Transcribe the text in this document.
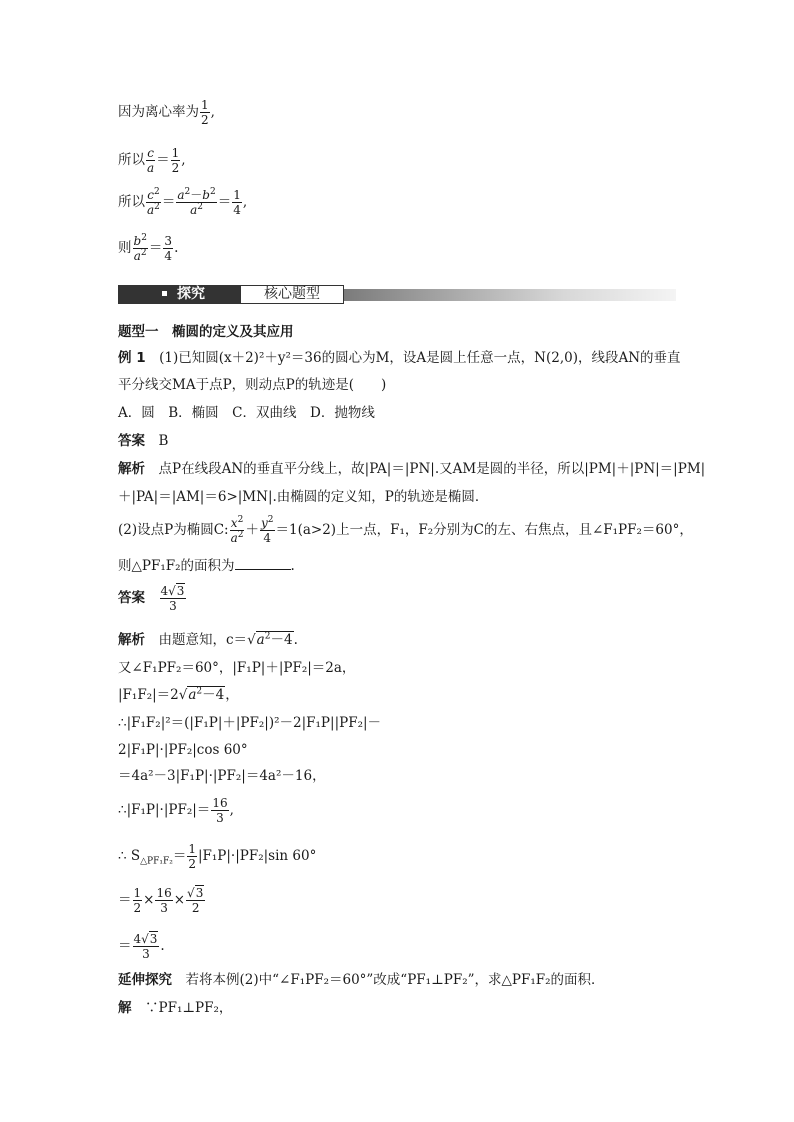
因为离心率为 $\frac{1}{2}$ ,
所以 $\frac{c}{a} = \frac{1}{2}$ ,
所以 $\frac{c^2}{a^2} = \frac{a^2-b^2}{a^2} = \frac{1}{4}$ ,
则 $\frac{b^2}{a^2} = \frac{3}{4}$ .
探究	核心题型
题型一　椭圆的定义及其应用
例 1　 (1)已知圆(x＋2)²＋y²＝36的圆心为M，设A是圆上任意一点，N(2,0)，线段AN的垂直
平分线交MA于点P，则动点P的轨迹是(　　)
A．圆　B．椭圆　C．双曲线　D．抛物线
答案　 B
解析　 点P在线段AN的垂直平分线上，故|PA|＝|PN|.又AM是圆的半径，所以|PM|＋|PN|＝|PM|
＋|PA|＝|AM|＝6>|MN|.由椭圆的定义知，P的轨迹是椭圆．
(2)设点P为椭圆C: $\frac{x^2}{a^2} + \frac{y^2}{4} =1(a>2)$上一点，F₁，F₂分别为C的左、右焦点，且∠F₁PF₂＝60°，
则△PF₁F₂的面积为	.
答案　 $\frac{4√3}{3}$
解析　 由题意知，$c=√a^2-4$.
又∠F₁PF₂＝60°，|F₁P|＋|PF₂|＝2a，
$|F_1F_2|=2√a^2-4$，
∴|F₁F₂|²＝(|F₁P|＋|PF₂|)²－2|F₁P||PF₂|－
2|F₁P|·|PF₂|cos 60°
＝4a²－3|F₁P|·|PF₂|＝4a²－16，
∴|F₁P|·|PF₂|＝ $\frac{16}{3}$ ,
∴ $S_{\triangle PF_1F_2}= \frac{1}{2} |F_1P|\cdot|PF_2|\sin$ 60°
＝ $\frac{1}{2} \times \frac{16}{3} \times \frac{√3}{2}$
＝ $\frac{4√3}{3}$ .
延伸探究　 若将本例(2)中“∠F₁PF₂＝60°”改成“PF₁⊥PF₂”，求△PF₁F₂的面积．
解　 ∵PF₁⊥PF₂，
